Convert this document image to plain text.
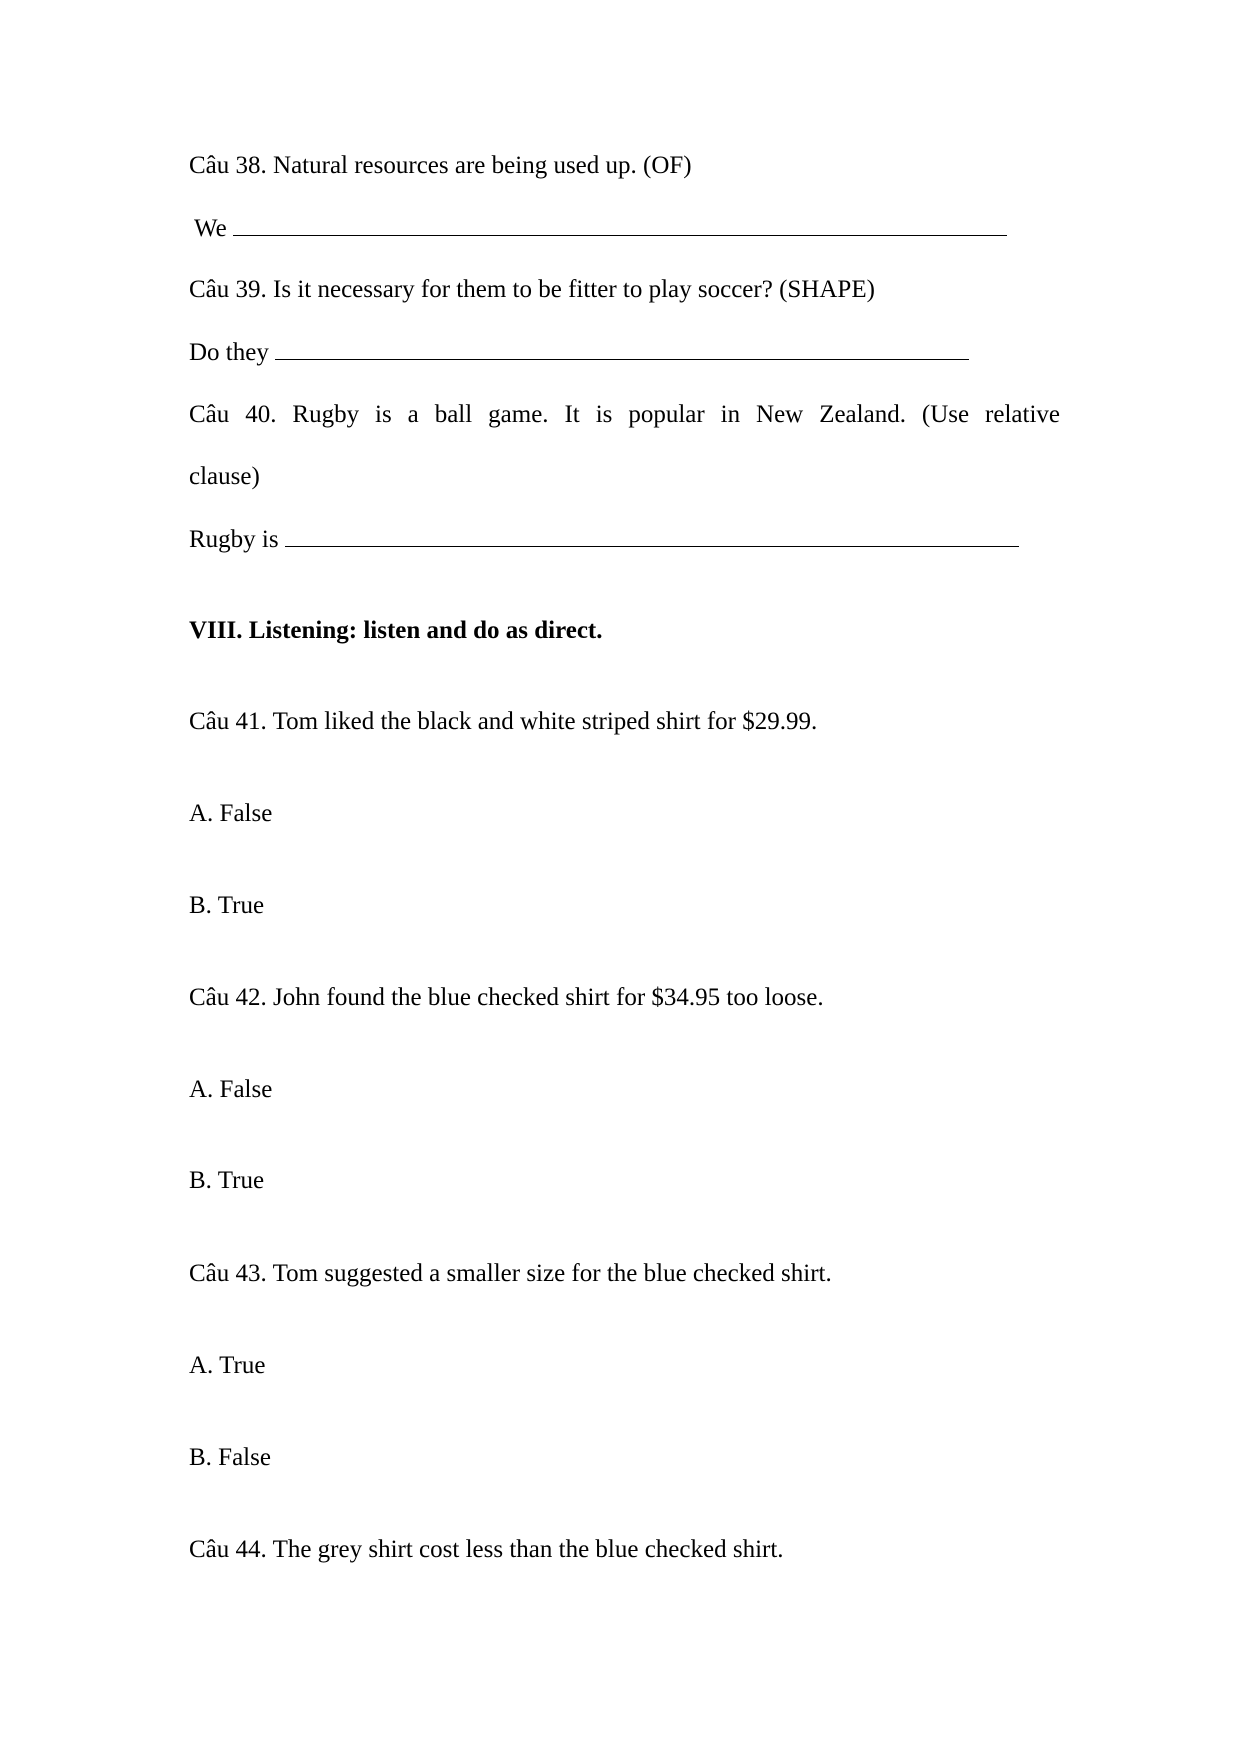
Câu 38. Natural resources are being used up. (OF)
We
Câu 39. Is it necessary for them to be fitter to play soccer? (SHAPE)
Do they
Câu 40. Rugby is a ball game. It is popular in New Zealand. (Use relative
clause)
Rugby is
VIII. Listening: listen and do as direct.
Câu 41. Tom liked the black and white striped shirt for $29.99.
A. False
B. True
Câu 42. John found the blue checked shirt for $34.95 too loose.
A. False
B. True
Câu 43. Tom suggested a smaller size for the blue checked shirt.
A. True
B. False
Câu 44. The grey shirt cost less than the blue checked shirt.
